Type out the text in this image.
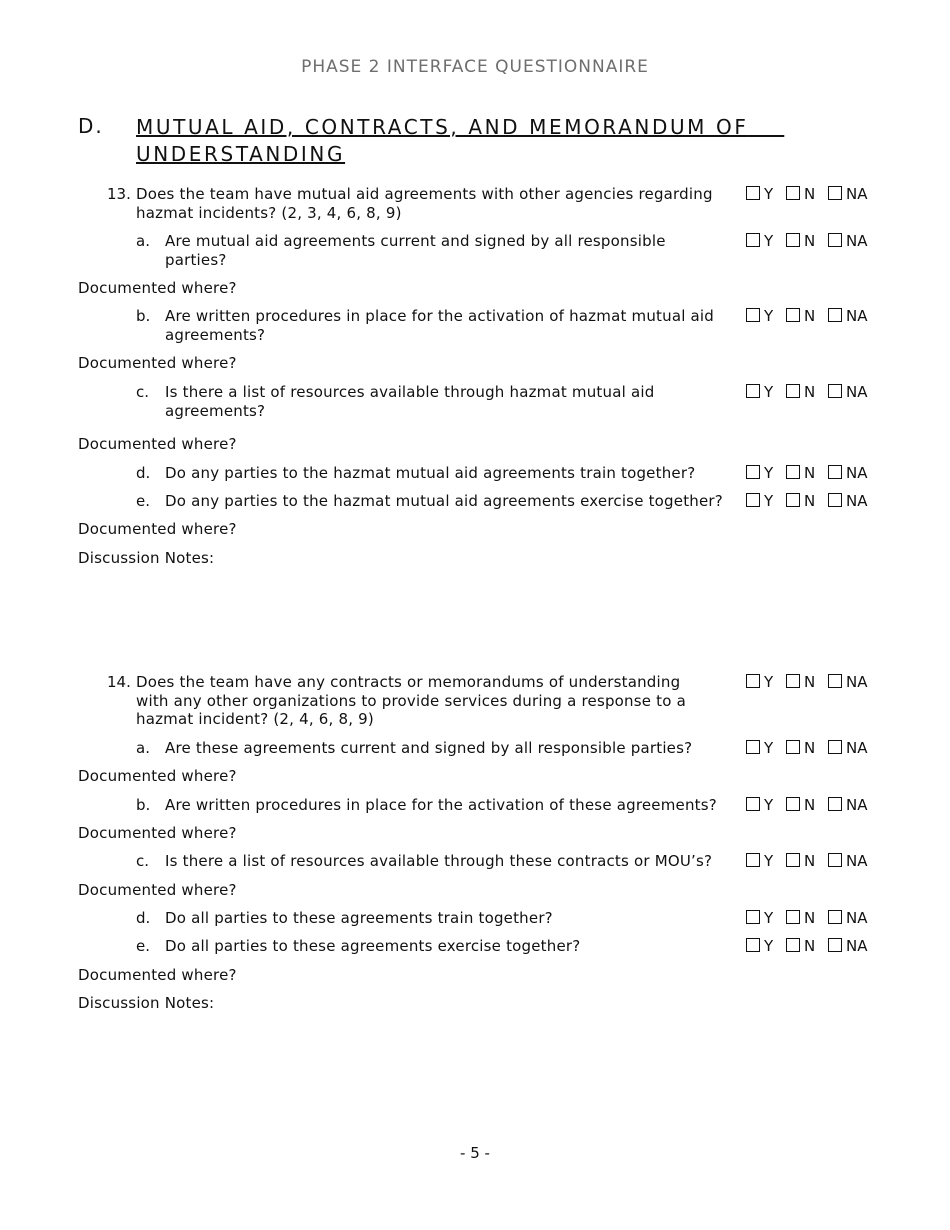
PHASE 2 INTERFACE QUESTIONNAIRE
D. MUTUAL AID, CONTRACTS, AND MEMORANDUM OF
UNDERSTANDING
13. Does the team have mutual aid agreements with other agencies regarding hazmat incidents? (2, 3, 4, 6, 8, 9)
Y N NA
a. Are mutual aid agreements current and signed by all responsible parties?
Y N NA
Documented where?
b. Are written procedures in place for the activation of hazmat mutual aid agreements?
Y N NA
Documented where?
c. Is there a list of resources available through hazmat mutual aid agreements?
Y N NA
Documented where?
d. Do any parties to the hazmat mutual aid agreements train together?	Y N NA
e. Do any parties to the hazmat mutual aid agreements exercise together?	Y N NA
Documented where?
Discussion Notes:
14. Does the team have any contracts or memorandums of understanding with any other organizations to provide services during a response to a hazmat incident? (2, 4, 6, 8, 9)
Y N NA
a. Are these agreements current and signed by all responsible parties?	Y N NA
Documented where?
b. Are written procedures in place for the activation of these agreements?	Y N NA
Documented where?
c. Is there a list of resources available through these contracts or MOU’s?	Y N NA
Documented where?
d. Do all parties to these agreements train together?	Y N NA
e. Do all parties to these agreements exercise together?	Y N NA
Documented where?
Discussion Notes:
- 5 -
